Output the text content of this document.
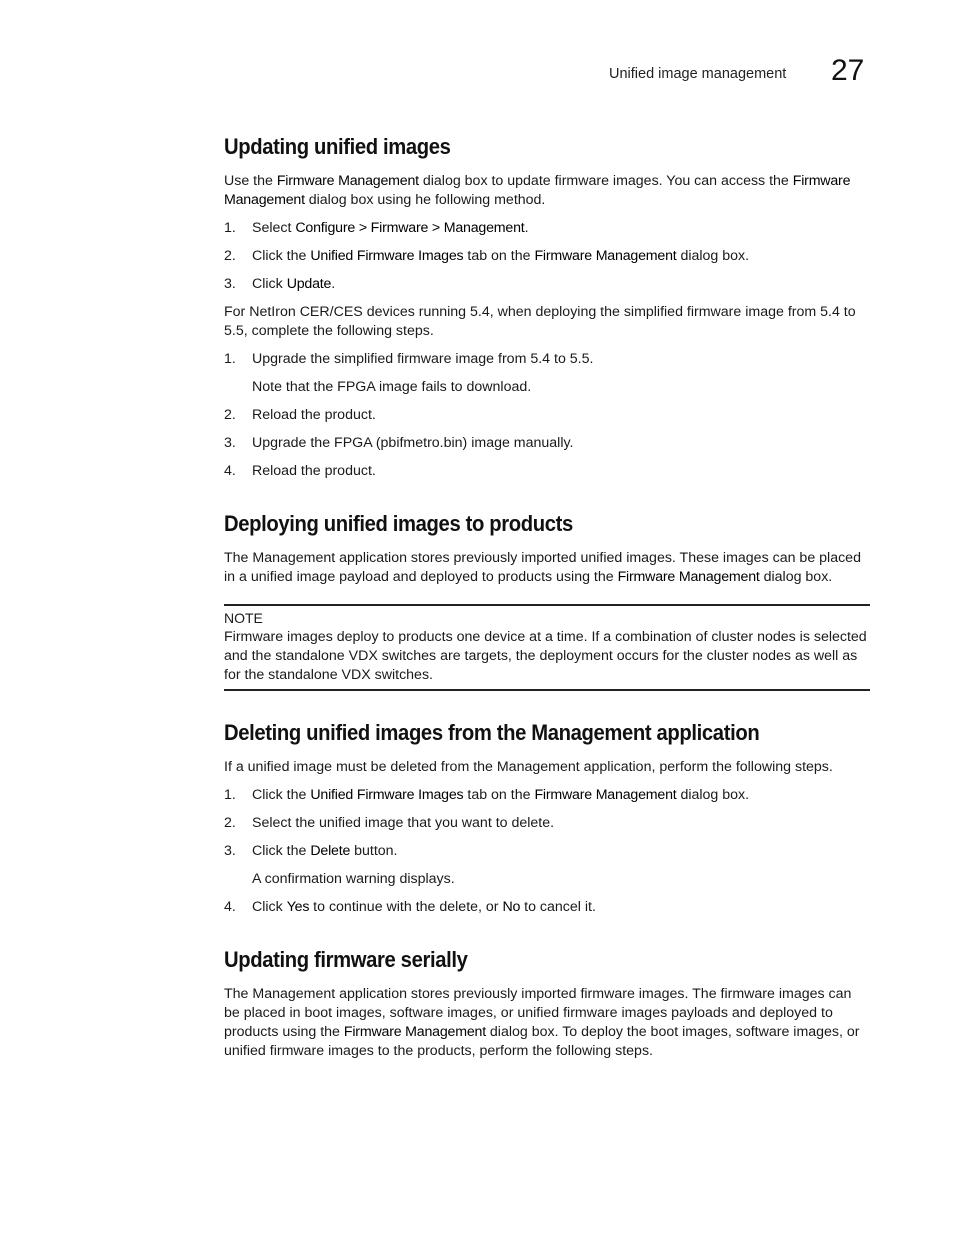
Unified image management 27
Updating unified images

Use the Firmware Management dialog box to update firmware images. You can access the Firmware Management dialog box using he following method.

1. Select Configure > Firmware > Management.
2. Click the Unified Firmware Images tab on the Firmware Management dialog box.
3. Click Update.

For NetIron CER/CES devices running 5.4, when deploying the simplified firmware image from 5.4 to 5.5, complete the following steps.

1. Upgrade the simplified firmware image from 5.4 to 5.5.
Note that the FPGA image fails to download.
2. Reload the product.
3. Upgrade the FPGA (pbifmetro.bin) image manually.
4. Reload the product.
Deploying unified images to products

The Management application stores previously imported unified images. These images can be placed in a unified image payload and deployed to products using the Firmware Management dialog box.

NOTE
Firmware images deploy to products one device at a time. If a combination of cluster nodes is selected and the standalone VDX switches are targets, the deployment occurs for the cluster nodes as well as for the standalone VDX switches.
Deleting unified images from the Management application

If a unified image must be deleted from the Management application, perform the following steps.

1. Click the Unified Firmware Images tab on the Firmware Management dialog box.
2. Select the unified image that you want to delete.
3. Click the Delete button.
A confirmation warning displays.
4. Click Yes to continue with the delete, or No to cancel it.
Updating firmware serially

The Management application stores previously imported firmware images. The firmware images can be placed in boot images, software images, or unified firmware images payloads and deployed to products using the Firmware Management dialog box. To deploy the boot images, software images, or unified firmware images to the products, perform the following steps.
